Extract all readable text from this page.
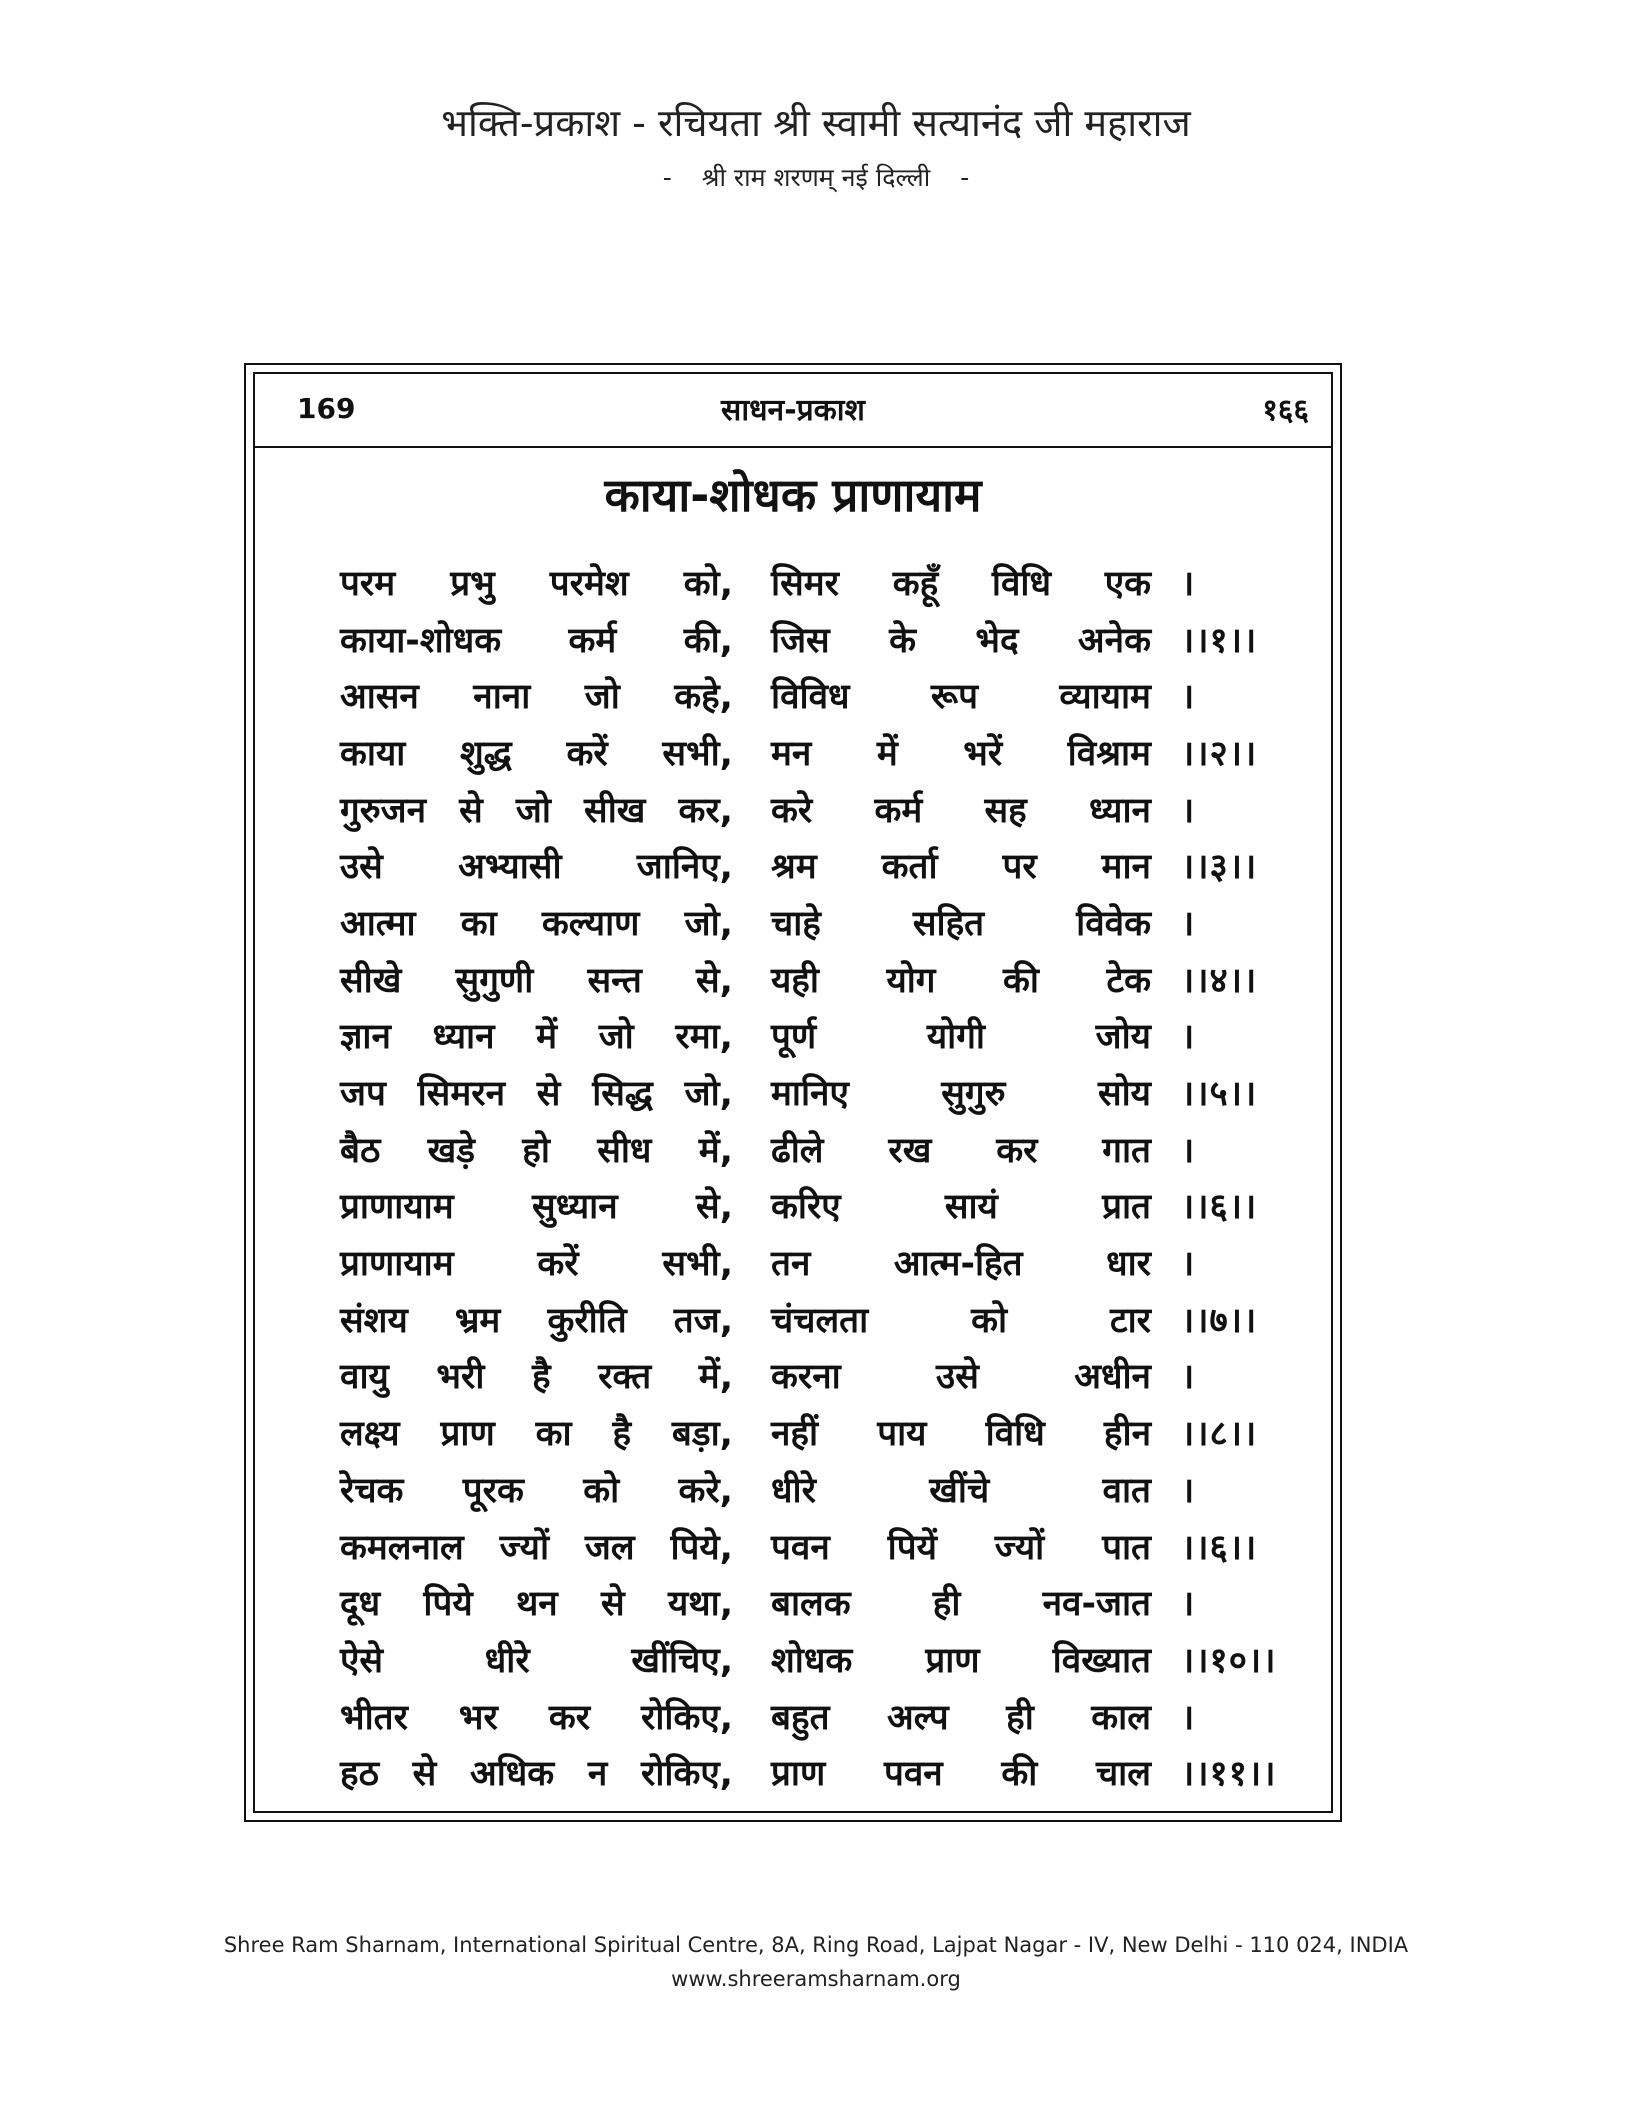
भक्ति-प्रकाश - रचियता श्री स्वामी सत्यानंद जी महाराज
- श्री राम शरणम् नई दिल्ली -
169	साधन-प्रकाश	१६६
काया-शोधक प्राणायाम
परम प्रभु परमेश को, सिमर कहूँ विधि एक ।
काया-शोधक कर्म की, जिस के भेद अनेक ।।१।।
आसन नाना जो कहे, विविध रूप व्यायाम ।
काया शुद्ध करें सभी, मन में भरें विश्राम ।।२।।
गुरुजन से जो सीख कर, करे कर्म सह ध्यान ।
उसे अभ्यासी जानिए, श्रम कर्ता पर मान ।।३।।
आत्मा का कल्याण जो, चाहे	सहित	विवेक ।
सीखे सुगुणी सन्त से, यही योग की टेक ।।४।।
ज्ञान ध्यान में जो रमा, पूर्ण	योगी	जोय ।
जप सिमरन से सिद्ध जो, मानिए	सुगुरु	सोय ।।५।।
बैठ खड़े हो सीध में, ढीले रख कर गात ।
प्राणायाम सुध्यान से, करिए	सायं	प्रात ।।६।।
प्राणायाम करें सभी, तन आत्म-हित धार ।
संशय भ्रम कुरीति तज, चंचलता	को	टार ।।७।।
वायु भरी है रक्त में, करना	उसे	अधीन ।
लक्ष्य प्राण का है बड़ा, नहीं पाय विधि हीन ।।८।।
रेचक पूरक को करे, धीरे	खींचे	वात ।
कमलनाल ज्यों जल पिये, पवन पियें ज्यों पात ।।६।।
दूध पिये थन से यथा, बालक ही नव-जात ।
ऐसे	धीरे	खींचिए, शोधक प्राण विख्यात ।।१०।।
भीतर भर कर रोकिए, बहुत अल्प ही काल ।
हठ से अधिक न रोकिए, प्राण पवन की चाल ।।११।।
Shree Ram Sharnam, International Spiritual Centre, 8A, Ring Road, Lajpat Nagar - IV, New Delhi - 110 024, INDIA
www.shreeramsharnam.org
